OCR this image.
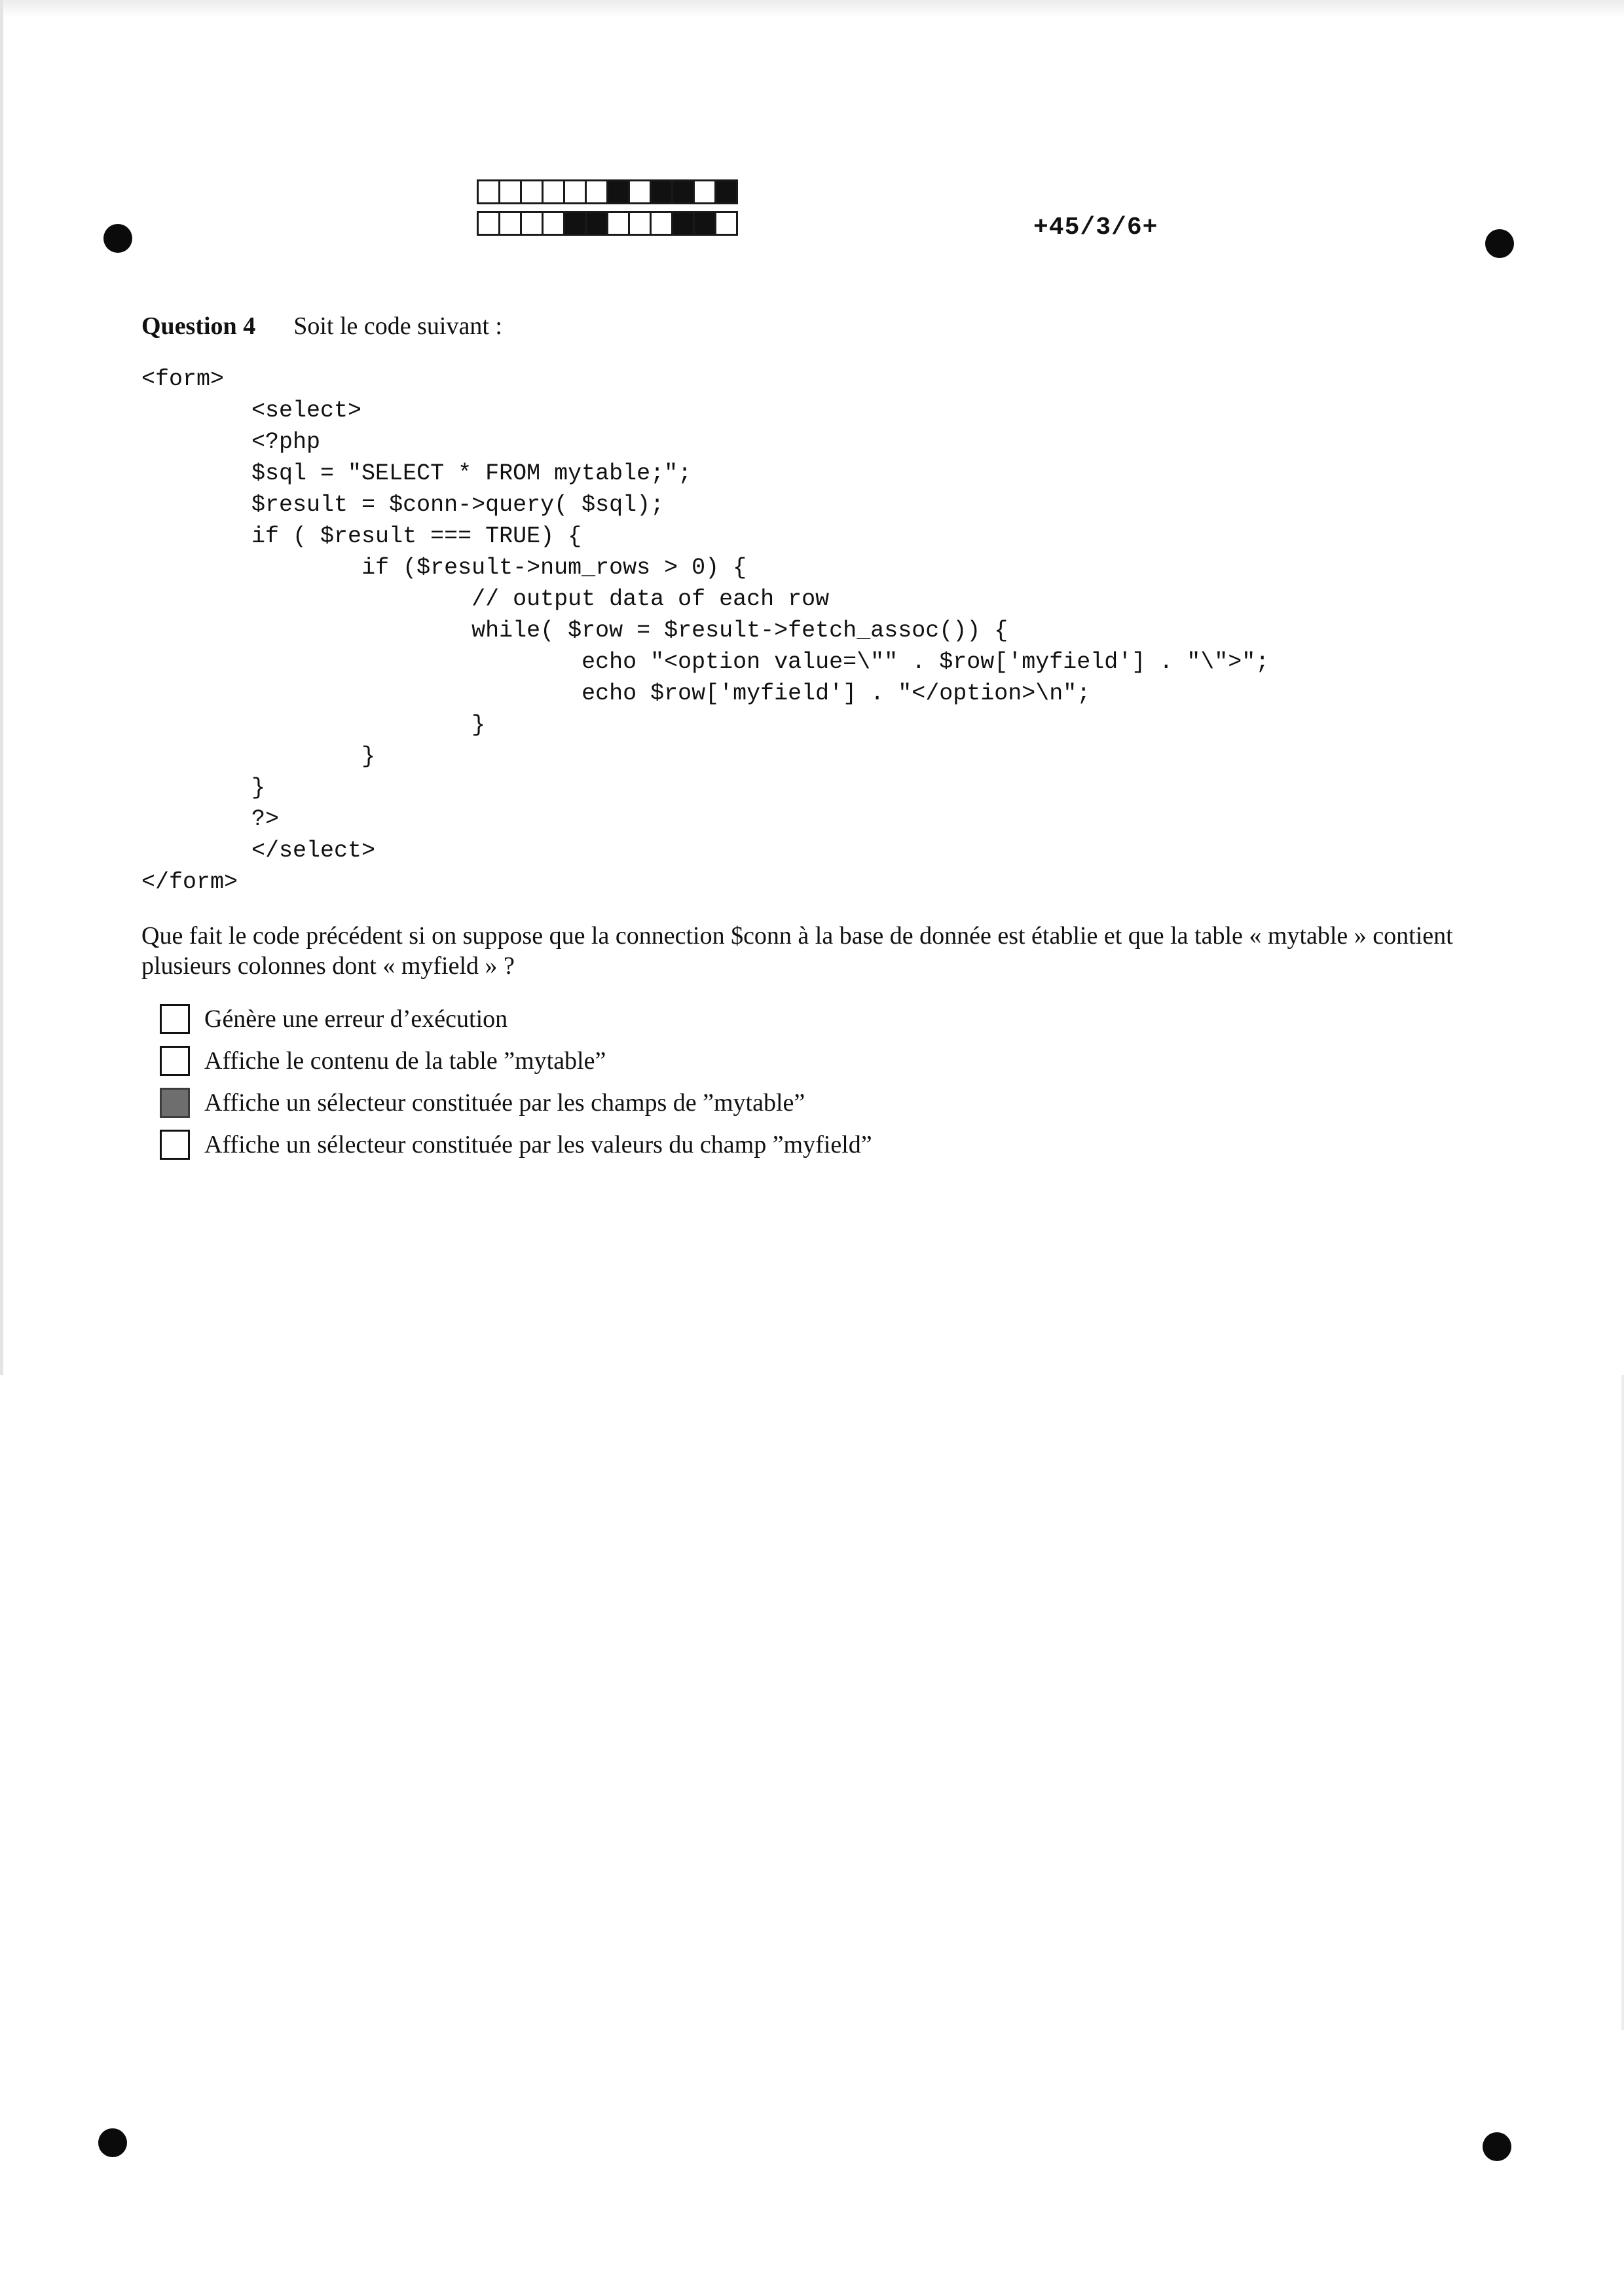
+45/3/6+
Question 4 Soit le code suivant :
<form>
	<select>
	<?php
	$sql = "SELECT * FROM mytable;";
	$result = $conn->query( $sql);
	if ( $result === TRUE) {
		if ($result->num_rows > 0) {
			// output data of each row
			while( $row = $result->fetch_assoc()) {
				echo "<option value=\"" . $row['myfield'] . "\">";
				echo $row['myfield'] . "</option>\n";
			}
		}
	}
	?>
	</select>
</form>
Que fait le code précédent si on suppose que la connection $conn à la base de donnée est établie et que la table « mytable » contient plusieurs colonnes dont « myfield » ?
Génère une erreur d’exécution
Affiche le contenu de la table ”mytable”
Affiche un sélecteur constituée par les champs de ”mytable”
Affiche un sélecteur constituée par les valeurs du champ ”myfield”
